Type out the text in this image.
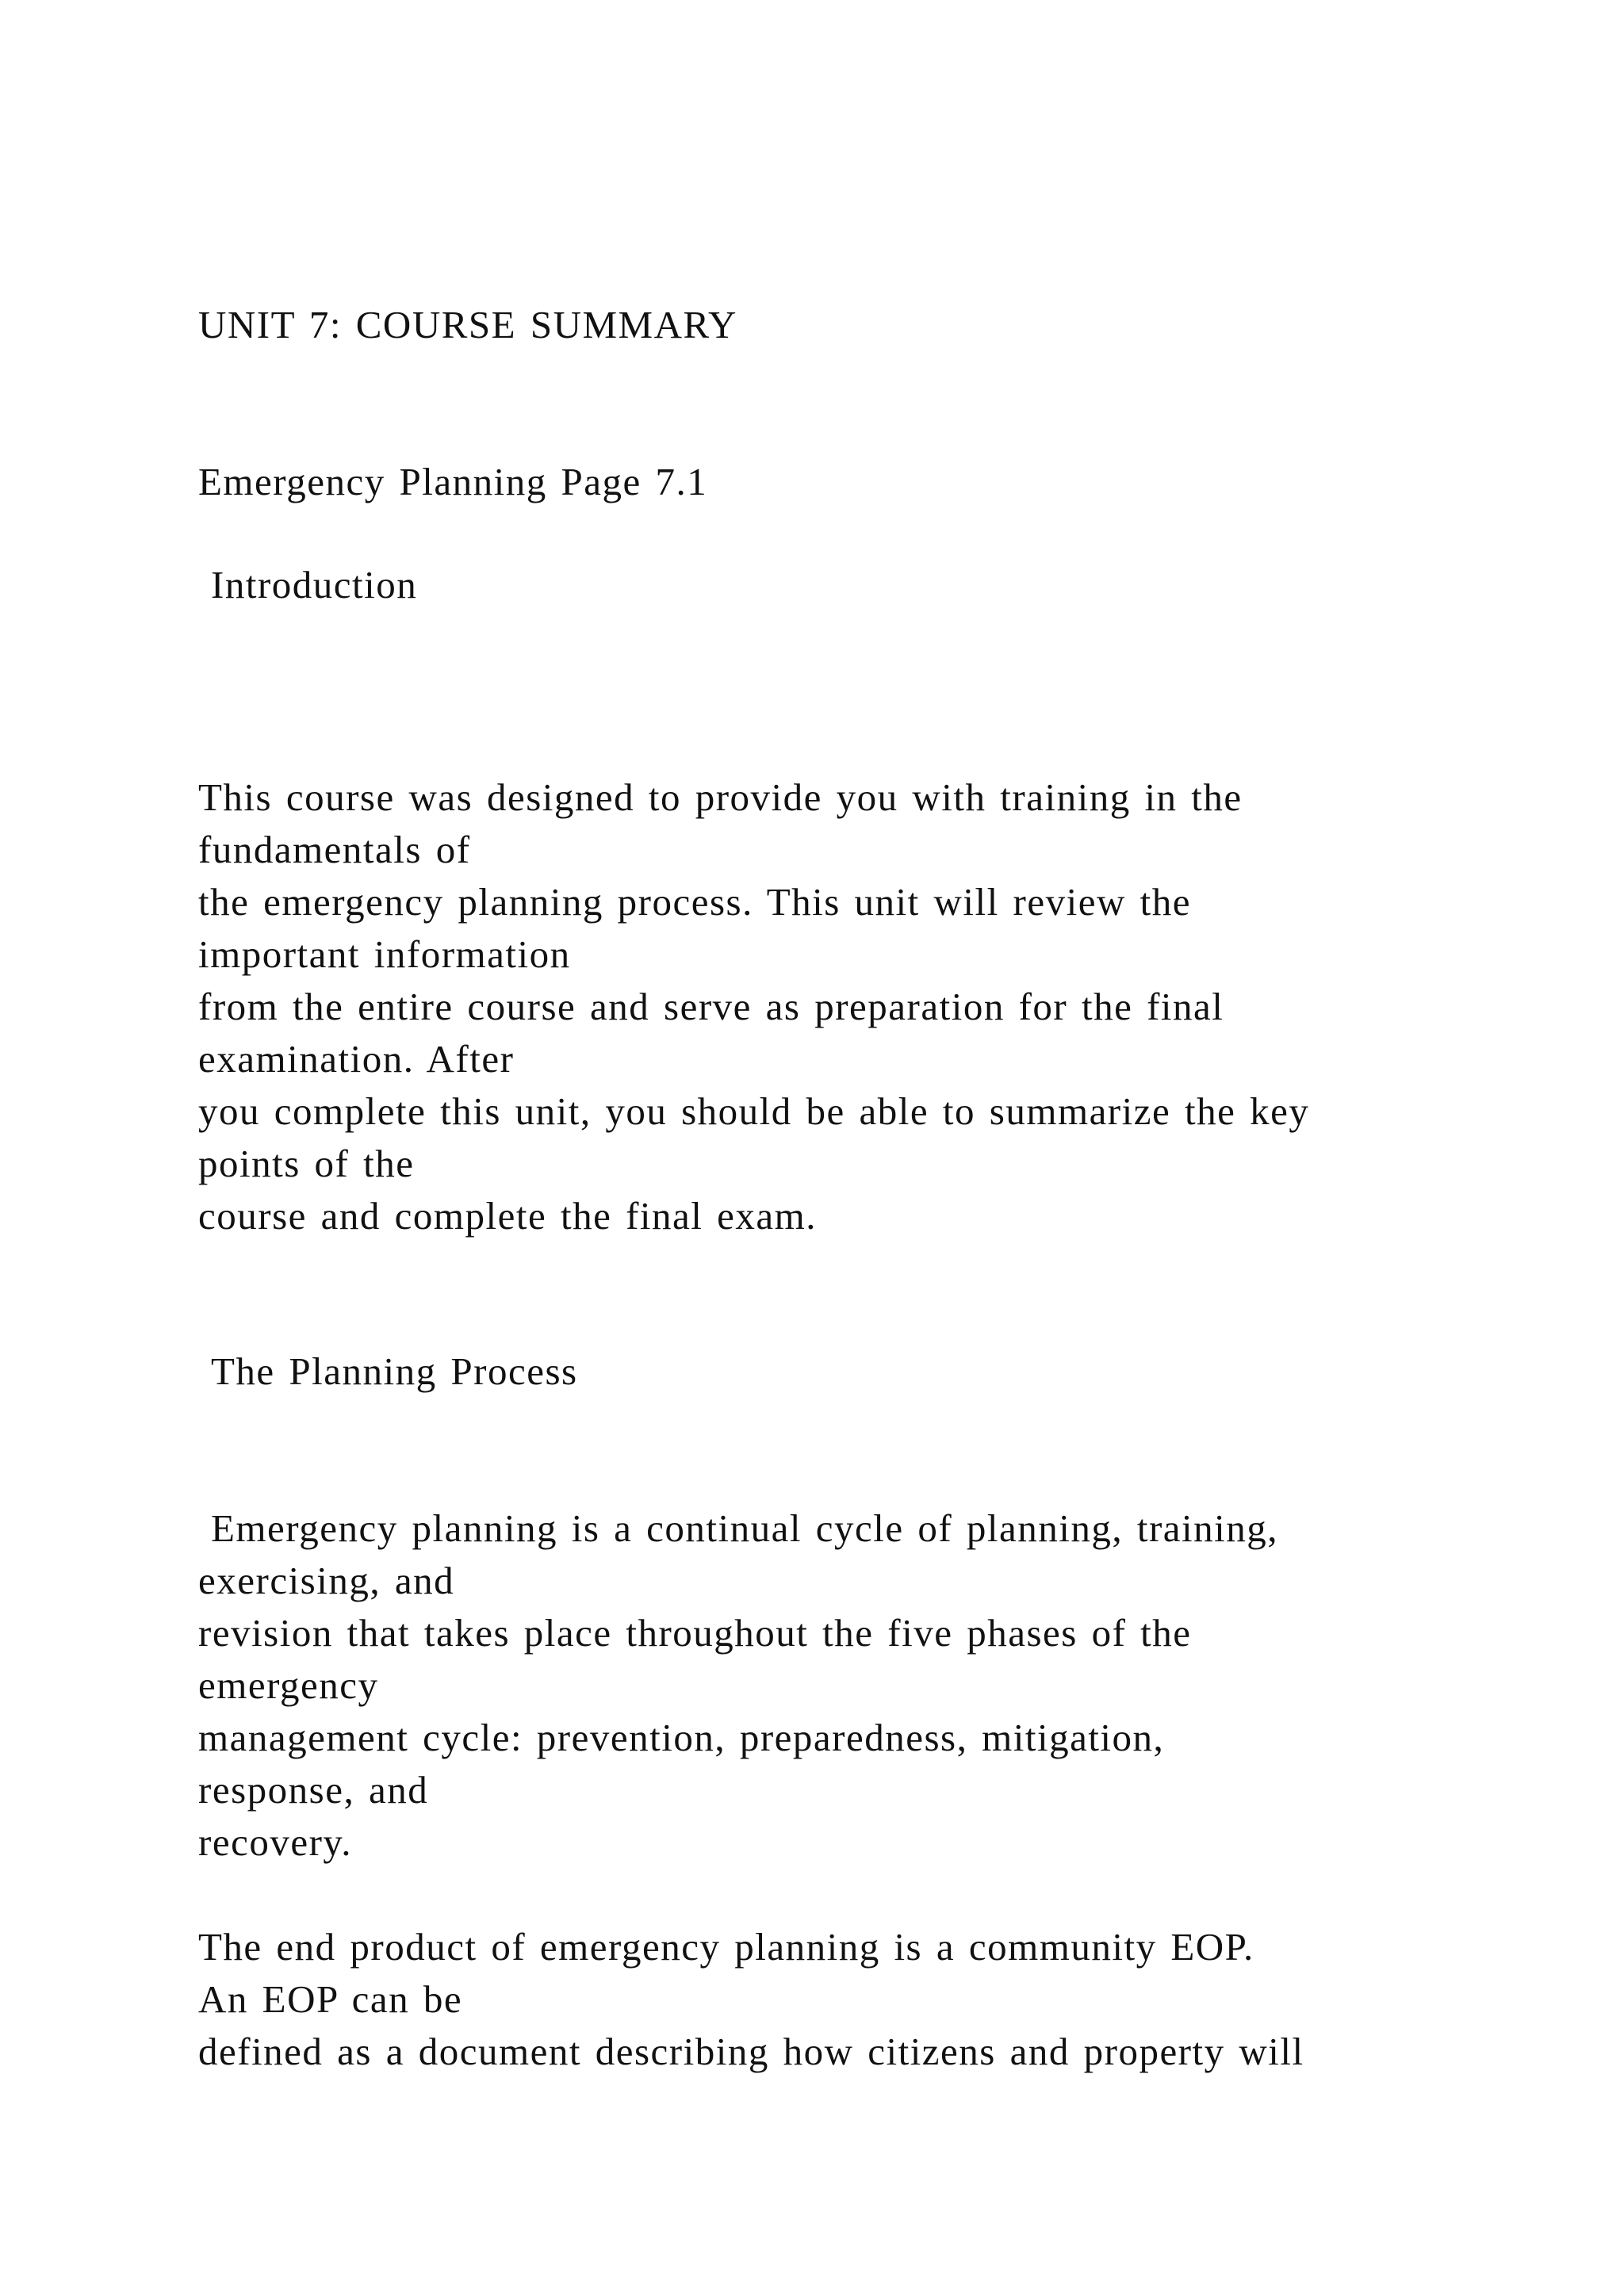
UNIT 7: COURSE SUMMARY
Emergency Planning Page 7.1
Introduction
This course was designed to provide you with training in the
fundamentals of
the emergency planning process. This unit will review the
important information
from the entire course and serve as preparation for the final
examination. After
you complete this unit, you should be able to summarize the key
points of the
course and complete the final exam.
The Planning Process
Emergency planning is a continual cycle of planning, training,
exercising, and
revision that takes place throughout the five phases of the
emergency
management cycle: prevention, preparedness, mitigation,
response, and
recovery.
The end product of emergency planning is a community EOP.
An EOP can be
defined as a document describing how citizens and property will
